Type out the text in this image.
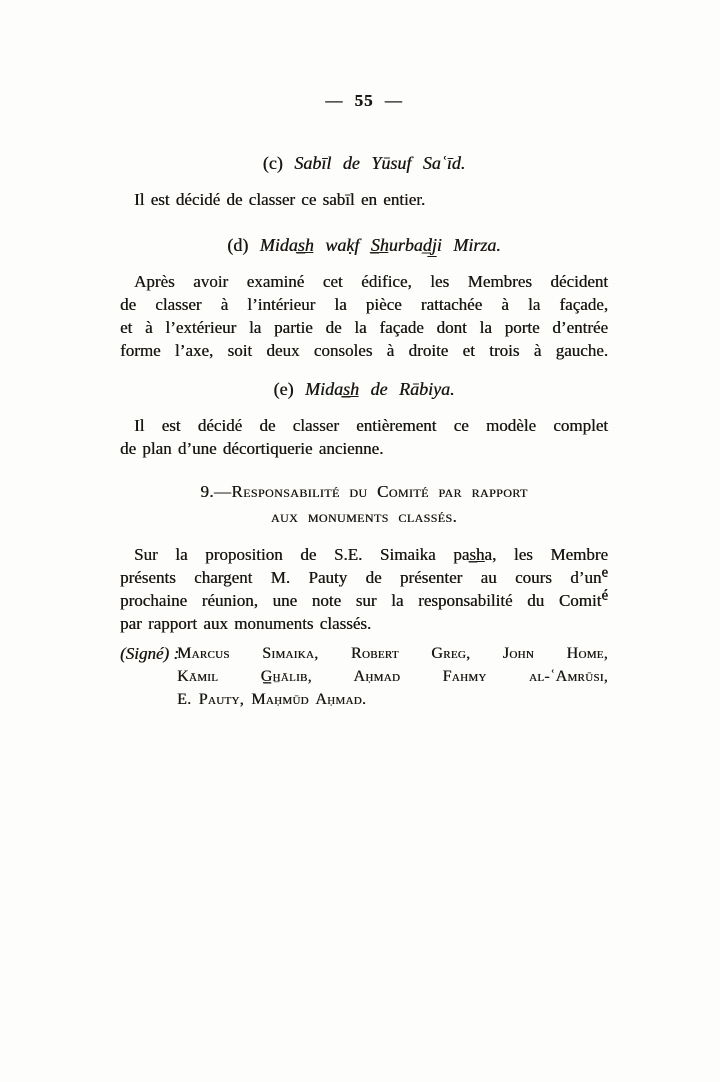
— 55 —
(c) Sabīl de Yūsuf Saʿīd.
Il est décidé de classer ce sabīl en entier.
(d) Midas̲h̲ waḳf S̲h̲urbad̲j̲i Mirza.
Après avoir examiné cet édifice, les Membres décident
de classer à l’intérieur la pièce rattachée à la façade,
et à l’extérieur la partie de la façade dont la porte d’entrée
forme l’axe, soit deux consoles à droite et trois à gauche.
(e) Midas̲h̲ de Rābiya.
Il est décidé de classer entièrement ce modèle complet
de plan d’une décortiquerie ancienne.
9.—Responsabilité du Comité par rapport
aux monuments classés.
Sur la proposition de S.E. Simaika pas̲h̲a, les Membre
présents chargent M. Pauty de présenter au cours d’une
prochaine réunion, une note sur la responsabilité du Comité
par rapport aux monuments classés.
(Signé) :
Marcus Simaika, Robert Greg, John Home,
Kāmil G̲h̲ālib, Aḥmad Fahmy al-ʿAmrūsi,
E. Pauty, Maḥmūd Aḥmad.
